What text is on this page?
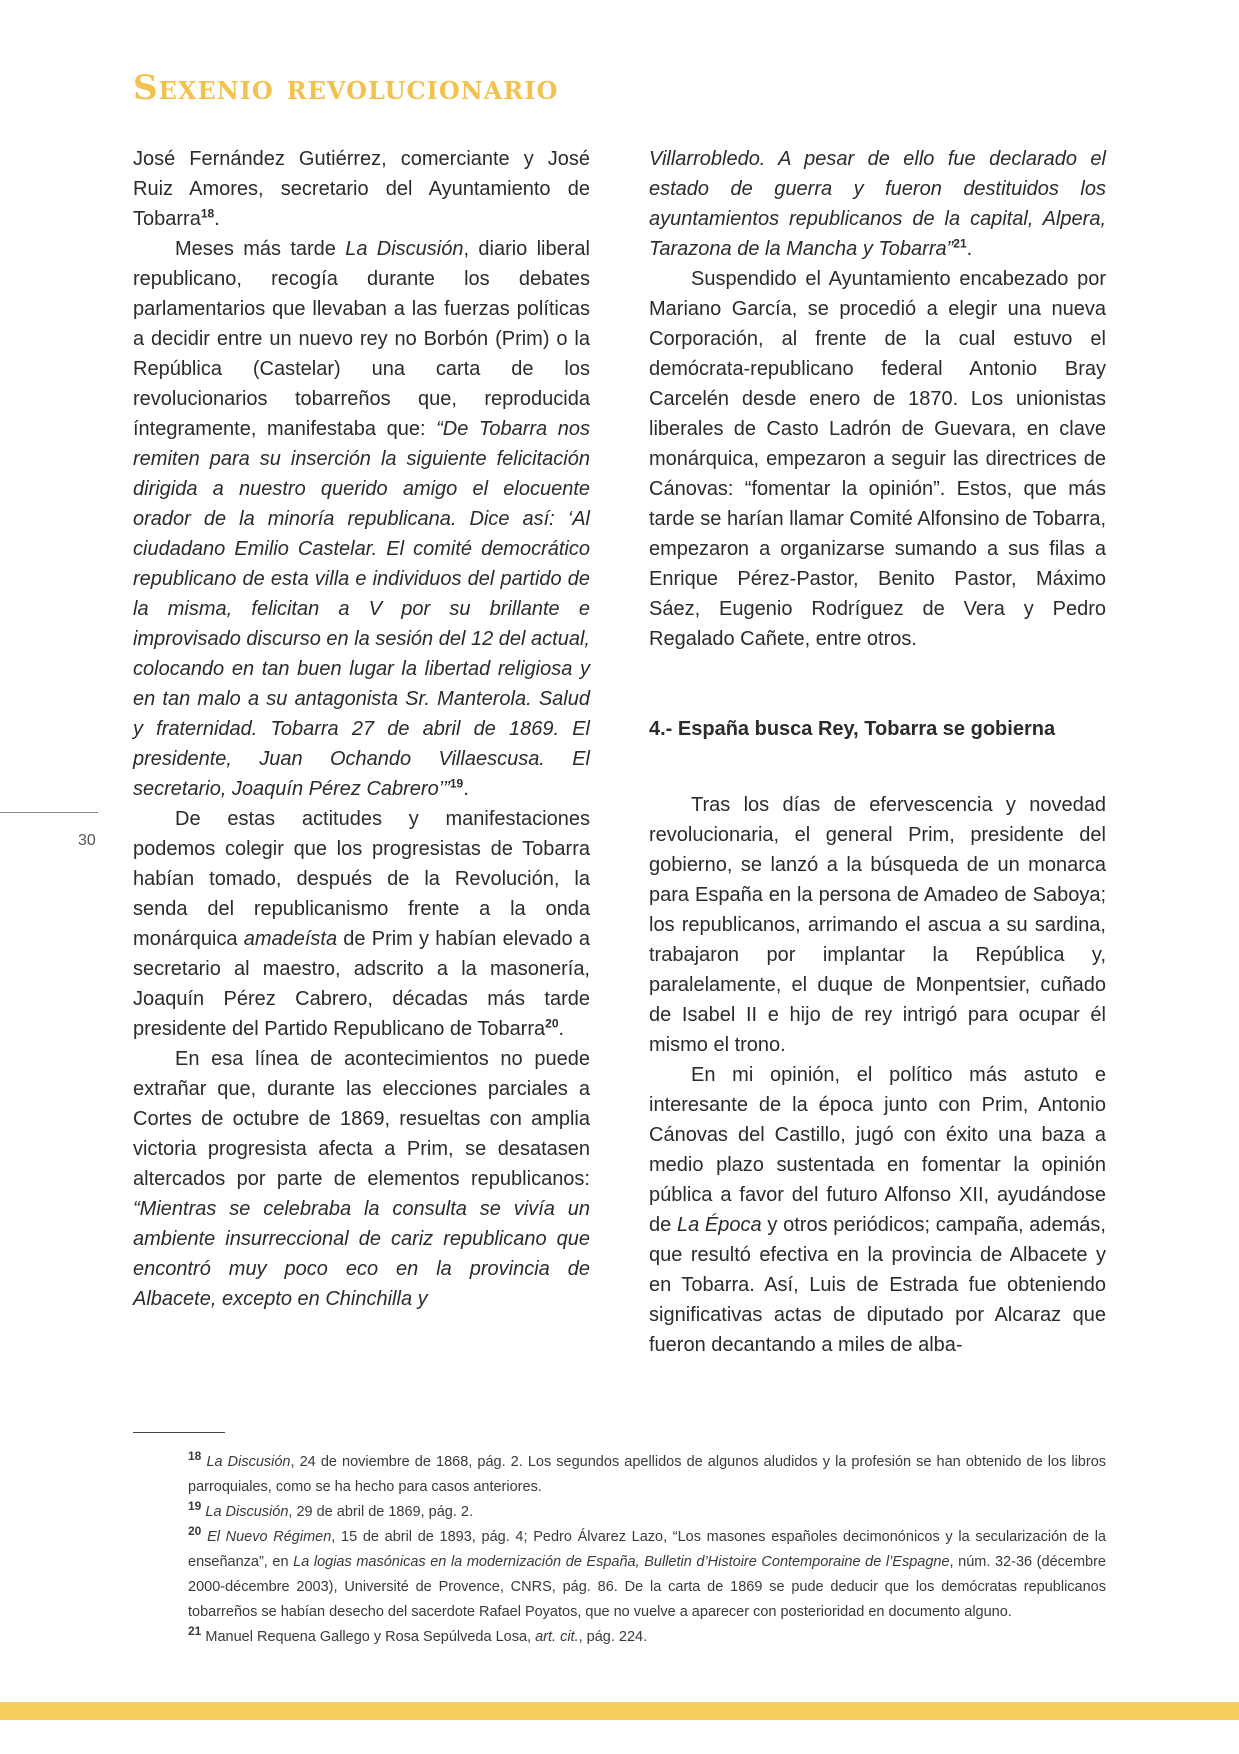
Sexenio revolucionario
30

José Fernández Gutiérrez, comerciante y José Ruiz Amores, secretario del Ayuntamiento de Tobarra$^{18}$.

Meses más tarde La Discusión, diario liberal republicano, recogía durante los debates parlamentarios que llevaban a las fuerzas políticas a decidir entre un nuevo rey no Borbón (Prim) o la República (Castelar) una carta de los revolucionarios tobarreños que, reproducida íntegramente, manifestaba que: “De Tobarra nos remiten para su inserción la siguiente felicitación dirigida a nuestro querido amigo el elocuente orador de la minoría republicana. Dice así: ‘Al ciudadano Emilio Castelar. El comité democrático republicano de esta villa e individuos del partido de la misma, felicitan a V por su brillante e improvisado discurso en la sesión del 12 del actual, colocando en tan buen lugar la libertad religiosa y en tan malo a su antagonista Sr. Manterola. Salud y fraternidad. Tobarra 27 de abril de 1869. El presidente, Juan Ochando Villaescusa. El secretario, Joaquín Pérez Cabrero’”$^{19}$.

De estas actitudes y manifestaciones podemos colegir que los progresistas de Tobarra habían tomado, después de la Revolución, la senda del republicanismo frente a la onda monárquica amadeísta de Prim y habían elevado a secretario al maestro, adscrito a la masonería, Joaquín Pérez Cabrero, décadas más tarde presidente del Partido Republicano de Tobarra$^{20}$.

En esa línea de acontecimientos no puede extrañar que, durante las elecciones parciales a Cortes de octubre de 1869, resueltas con amplia victoria progresista afecta a Prim, se desatasen altercados por parte de elementos republicanos: “Mientras se celebraba la consulta se vivía un ambiente insurreccional de cariz republicano que encontró muy poco eco en la provincia de Albacete, excepto en Chinchilla y

Villarrobledo. A pesar de ello fue declarado el estado de guerra y fueron destituidos los ayuntamientos republicanos de la capital, Alpera, Tarazona de la Mancha y Tobarra”$^{21}$.

Suspendido el Ayuntamiento encabezado por Mariano García, se procedió a elegir una nueva Corporación, al frente de la cual estuvo el demócrata-republicano federal Antonio Bray Carcelén desde enero de 1870. Los unionistas liberales de Casto Ladrón de Guevara, en clave monárquica, empezaron a seguir las directrices de Cánovas: “fomentar la opinión”. Estos, que más tarde se harían llamar Comité Alfonsino de Tobarra, empezaron a organizarse sumando a sus filas a Enrique Pérez-Pastor, Benito Pastor, Máximo Sáez, Eugenio Rodríguez de Vera y Pedro Regalado Cañete, entre otros.

4.- España busca Rey, Tobarra se gobierna

Tras los días de efervescencia y novedad revolucionaria, el general Prim, presidente del gobierno, se lanzó a la búsqueda de un monarca para España en la persona de Amadeo de Saboya; los republicanos, arrimando el ascua a su sardina, trabajaron por implantar la República y, paralelamente, el duque de Monpentsier, cuñado de Isabel II e hijo de rey intrigó para ocupar él mismo el trono.

En mi opinión, el político más astuto e interesante de la época junto con Prim, Antonio Cánovas del Castillo, jugó con éxito una baza a medio plazo sustentada en fomentar la opinión pública a favor del futuro Alfonso XII, ayudándose de La Época y otros periódicos; campaña, además, que resultó efectiva en la provincia de Albacete y en Tobarra. Así, Luis de Estrada fue obteniendo significativas actas de diputado por Alcaraz que fueron decantando a miles de alba-

$^{18}$ La Discusión, 24 de noviembre de 1868, pág. 2. Los segundos apellidos de algunos aludidos y la profesión se han obtenido de los libros parroquiales, como se ha hecho para casos anteriores.

$^{19}$ La Discusión, 29 de abril de 1869, pág. 2.

$^{20}$ El Nuevo Régimen, 15 de abril de 1893, pág. 4; Pedro Álvarez Lazo, “Los masones españoles decimonónicos y la secularización de la enseñanza”, en La logias masónicas en la modernización de España, Bulletin d’Histoire Contemporaine de l’Espagne, núm. 32-36 (décembre 2000-décembre 2003), Université de Provence, CNRS, pág. 86. De la carta de 1869 se pude deducir que los demócratas republicanos tobarreños se habían desecho del sacerdote Rafael Poyatos, que no vuelve a aparecer con posterioridad en documento alguno.

$^{21}$ Manuel Requena Gallego y Rosa Sepúlveda Losa, art. cit., pág. 224.
